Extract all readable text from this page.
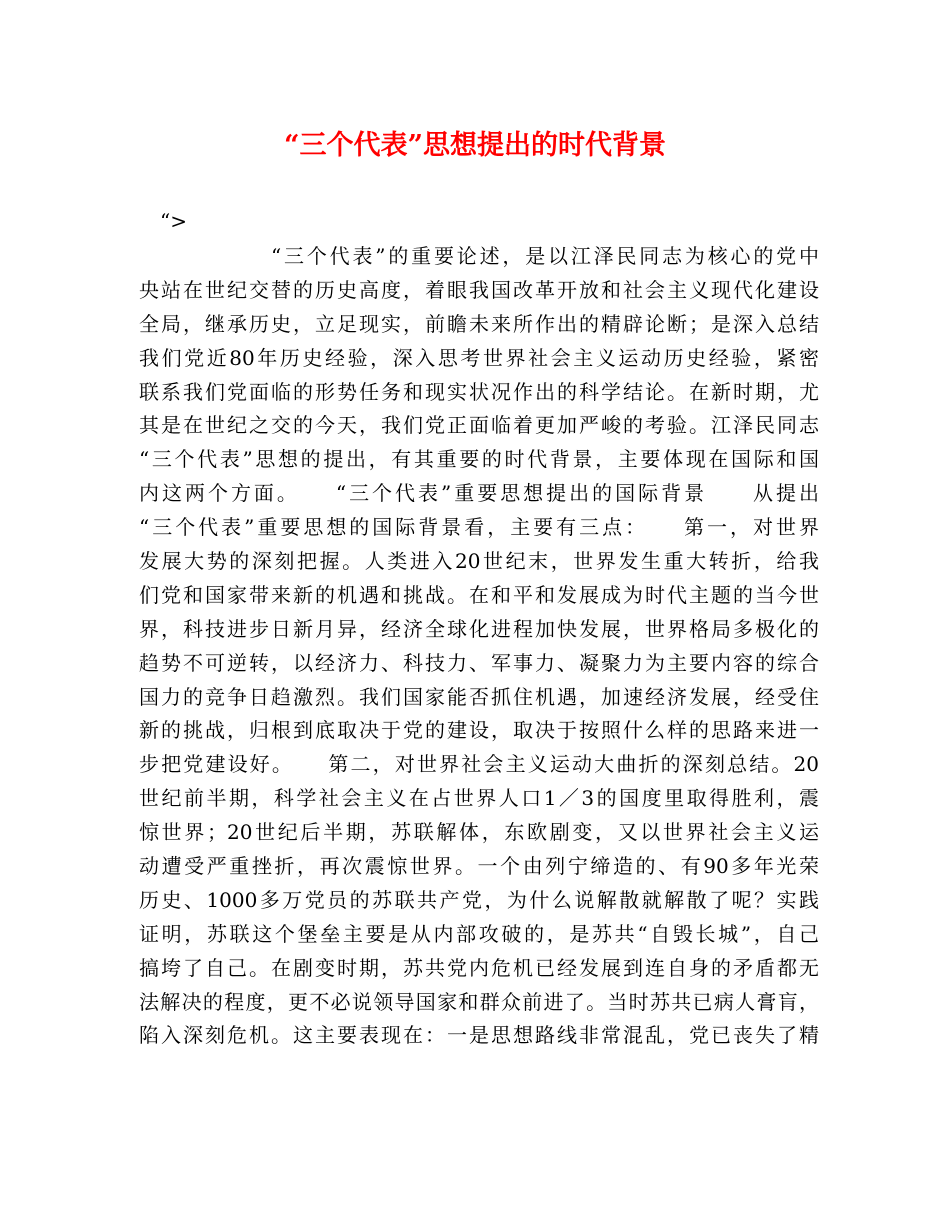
“三个代表”思想提出的时代背景
“>
“三个代表”的重要论述，是以江泽民同志为核心的党中
央站在世纪交替的历史高度，着眼我国改革开放和社会主义现代化建设
全局，继承历史，立足现实，前瞻未来所作出的精辟论断；是深入总结
我们党近80年历史经验，深入思考世界社会主义运动历史经验，紧密
联系我们党面临的形势任务和现实状况作出的科学结论。在新时期，尤
其是在世纪之交的今天，我们党正面临着更加严峻的考验。江泽民同志
“三个代表”思想的提出，有其重要的时代背景，主要体现在国际和国
内这两个方面。　　“三个代表”重要思想提出的国际背景　　从提出
“三个代表”重要思想的国际背景看，主要有三点：　　第一，对世界
发展大势的深刻把握。人类进入20世纪末，世界发生重大转折，给我
们党和国家带来新的机遇和挑战。在和平和发展成为时代主题的当今世
界，科技进步日新月异，经济全球化进程加快发展，世界格局多极化的
趋势不可逆转，以经济力、科技力、军事力、凝聚力为主要内容的综合
国力的竞争日趋激烈。我们国家能否抓住机遇，加速经济发展，经受住
新的挑战，归根到底取决于党的建设，取决于按照什么样的思路来进一
步把党建设好。　　第二，对世界社会主义运动大曲折的深刻总结。20
世纪前半期，科学社会主义在占世界人口1／3的国度里取得胜利，震
惊世界；20世纪后半期，苏联解体，东欧剧变，又以世界社会主义运
动遭受严重挫折，再次震惊世界。一个由列宁缔造的、有90多年光荣
历史、1000多万党员的苏联共产党，为什么说解散就解散了呢？实践
证明，苏联这个堡垒主要是从内部攻破的，是苏共“自毁长城”，自己
搞垮了自己。在剧变时期，苏共党内危机已经发展到连自身的矛盾都无
法解决的程度，更不必说领导国家和群众前进了。当时苏共已病人膏肓，
陷入深刻危机。这主要表现在：一是思想路线非常混乱，党已丧失了精
